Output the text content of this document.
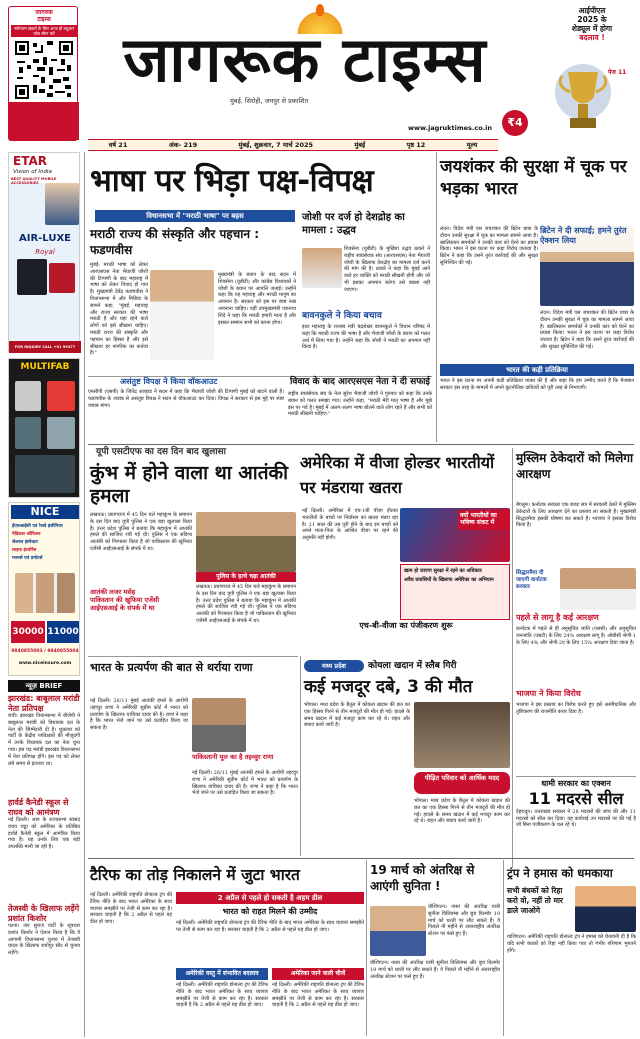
जागरुक
टाइम्स
नवीनतम ख़बरों के लिए आज ही क्यूआर
कोड स्कैन करें	जागरूक टाइम्स
मुंबई, सिरोही, जयपुर से प्रकाशित
www.jagruktimes.co.in	₹4
आईपीएल
2025 के
शेड्यूल में होगा
बदलाव !
पेज 11
वर्ष 21	अंक- 219	मुंबई, शुक्रवार, 7 मार्च 2025	मुंबई	पृष्ठ 12	मूल्य
ETAR
Vision of India
BEST QUALITY MOBILE ACCESSORIES
AIR-LUXE
Royal
FOR INQUIRY CALL +91 99477
MULTIFAB
NICE
ईएसआईसी एवं रेलवे इंजीनियर
मेडिकल ऑफिसर
जेलरल इंस्पेक्टर
लाइफ इंश्योरेंस
गवनर्स एवं प्रमोटर्स
30000 11000
9840855003 / 9840855004
www.niceinsure.com
न्यूज़ BRIEF
झारखंड: बाबूलाल मरांडी नेता प्रतिपक्ष
रांची। झारखंड विधानसभा में बीजेपी ने बाबूलाल मरांडी को विधायक दल के नेता की जिम्मेदारी दी है। शुक्रवार को पार्टी के केंद्रीय पर्यवेक्षकों की मौजूदगी में उनके विधायक दल का नेता चुना गया। इस पद मरांडी झारखंड विधानसभा में नेता प्रतिपक्ष होंगे। इस पद को लेकर लंबे समय से इंतजार था।
हार्वर्ड कैनेडी स्कूल से राघव को आमंत्रण
नई दिल्ली। आप के राज्यसभा सांसद राघव चड्ढा को अमेरिका के प्रतिष्ठित हार्वर्ड कैनेडी स्कूल में आमंत्रित किया गया है। यह उनके लिए एक बड़ी उपलब्धि मानी जा रही है।
तेजस्वी के खिलाफ लड़ेंगे प्रशांत किशोर
पटना। जन सुराज पार्टी के सूत्रधार प्रशांत किशोर ने ऐलान किया है कि वे आगामी विधानसभा चुनाव में तेजस्वी यादव के खिलाफ राघोपुर सीट से चुनाव लड़ेंगे।
भाषा पर भिड़ा पक्ष-विपक्ष
विधानसभा में "मराठी भाषा" पर बहस
मराठी राज्य की संस्कृति और पहचान : फडणवीस
मुंबई: मराठी भाषा को लेकर आरएसएस नेता भैयाजी जोशी की टिप्पणी के बाद महाराष्ट्र में भाषा को लेकर विवाद हो गया है। मुख्यमंत्री देवेंद्र फडणवीस ने विधानसभा में और मिडिया के सामने कहा, "मुंबई, महाराष्ट्र और राज्य सरकार की भाषा मराठी है और यहां रहने वाले लोगों को इसे सीखना चाहिए। मराठी राज्य की संस्कृति और पहचान का हिस्सा है और इसे सीखना हर नागरिक का कर्तव्य है।"
मुख्यमंत्री के बयान के बाद सदन में शिवसेना (यूबीटी) और कांग्रेस विधायकों ने जोशी के बयान पर आपत्ति जताई। उन्होंने कहा कि यह महाराष्ट्र और मराठी मानुष का अपमान है। सरकार को इस पर स्पष्ट रुख अपनाना चाहिए। वहीं उपमुख्यमंत्री एकनाथ शिंदे ने कहा कि मराठी हमारी माता है और इसका सम्मान सभी को करना होगा।
जोशी पर दर्ज हो देशद्रोह का मामला : उद्धव
शिवसेना (यूबीटी) के मुखिया उद्धव ठाकरे ने राष्ट्रीय स्वयंसेवक संघ (आरएसएस) नेता भैयाजी जोशी के खिलाफ देशद्रोह का मामला दर्ज करने की मांग की है। ठाकरे ने कहा कि मुंबई आने वाले हर व्यक्ति को मराठी सीखनी होगी और जो भी इसका अपमान करेगा उसे बख्शा नहीं जाएगा।
बावनकुले ने किया बचाव
इधर महाराष्ट्र के राजस्व मंत्री चंद्रशेखर बावनकुले ने विधान परिषद में कहा कि मराठी राज्य की भाषा है और भैयाजी जोशी के बयान को गलत अर्थ में लिया गया है। उन्होंने कहा कि जोशी ने मराठी का अपमान नहीं किया है।
असंतुष्ट विपक्ष ने किया वॉकआउट
एनसीपी (एसपी) के जितेंद्र आव्हाड ने सदन में कहा कि भैयाजी जोशी की टिप्पणी मुंबई को बांटने वाली है। फडणवीस के जवाब से असंतुष्ट विपक्ष ने सदन से वॉकआउट कर दिया। विपक्ष ने सरकार से इस मुद्दे पर स्पष्ट जवाब मांगा।
विवाद के बाद आरएसएस नेता ने दी सफाई
राष्ट्रीय स्वयंसेवक संघ के नेता सुरेश भैयाजी जोशी ने गुरुवार को कहा कि उनके बयान को गलत समझा गया। उन्होंने कहा, "मराठी मेरी मातृ भाषा है और मुझे इस पर गर्व है। मुंबई में अलग-अलग भाषा बोलने वाले लोग रहते हैं और सभी को मराठी सीखनी चाहिए।"
जयशंकर की सुरक्षा में चूक पर भड़का भारत
ब्रिटेन ने दी सफाई; हमने तुरंत ऐक्शन लिया
लंदन। विदेश मंत्री एस जयशंकर की ब्रिटेन यात्रा के दौरान उनकी सुरक्षा में चूक का मामला सामने आया है। खालिस्तान समर्थकों ने उनकी कार को घेरने का प्रयास किया। भारत ने इस घटना पर कड़ा विरोध जताया है। ब्रिटेन ने कहा कि उसने तुरंत कार्रवाई की और सुरक्षा सुनिश्चित की गई।
लंदन। विदेश मंत्री एस जयशंकर की ब्रिटेन यात्रा के दौरान उनकी सुरक्षा में चूक का मामला सामने आया है। खालिस्तान समर्थकों ने उनकी कार को घेरने का प्रयास किया। भारत ने इस घटना पर कड़ा विरोध जताया है। ब्रिटेन ने कहा कि उसने तुरंत कार्रवाई की और सुरक्षा सुनिश्चित की गई।
भारत की कड़ी प्रतिक्रिया
भारत ने इस घटना पर अपनी कड़ी प्रतिक्रिया व्यक्त की है और कहा कि हम उम्मीद करते हैं कि मेजबान सरकार इस तरह के मामलों में अपने कूटनीतिक दायित्वों को पूरी तरह से निभाएगी।
यूपी एसटीएफ का दस दिन बाद खुलासा
कुंभ में होने वाला था आतंकी हमला
लखनऊ। प्रयागराज में 45 दिन चले महाकुंभ के समापन के दस दिन बाद यूपी पुलिस ने एक बड़ा खुलासा किया है। उत्तर प्रदेश पुलिस ने बताया कि महाकुंभ में आतंकी हमले की साजिश रची गई थी। पुलिस ने एक संदिग्ध आतंकी को गिरफ्तार किया है जो पाकिस्तान की खुफिया एजेंसी आईएसआई के संपर्क में था।
पुलिस के हत्थे चढ़ा आतंकी
आतंकी लजर मसेह पाकिस्तान की खुफिया एजेंसी आईएसआई के संपर्क में था
लखनऊ। प्रयागराज में 45 दिन चले महाकुंभ के समापन के दस दिन बाद यूपी पुलिस ने एक बड़ा खुलासा किया है। उत्तर प्रदेश पुलिस ने बताया कि महाकुंभ में आतंकी हमले की साजिश रची गई थी। पुलिस ने एक संदिग्ध आतंकी को गिरफ्तार किया है जो पाकिस्तान की खुफिया एजेंसी आईएसआई के संपर्क में था।
अमेरिका में वीजा होल्डर भारतीयों पर मंडराया खतरा
नई दिल्ली। अमेरिका में एच-1बी वीजा होल्डर भारतीयों के बच्चों पर निर्वासन का खतरा मंडरा रहा है। 21 साल की उम्र पूरी होने के बाद इन बच्चों को अपने माता-पिता के आश्रित वीजा पर रहने की अनुमति नहीं होगी।
खत्म हो जाएगा सुरक्षा में रहने का अधिकार
अवैध प्रवासियों के खिलाफ अमेरिका का अभियान
एच-बी-वीजा का पंजीकरण शुरू
क्यों भारतीयों का भविष्य संकट में
मुस्लिम ठेकेदारों को मिलेगा आरक्षण
बेंगलुरु। कर्नाटक सरकार एक बजट सत्र में सरकारी ठेकों में मुस्लिम ठेकेदारों के लिए आरक्षण देने का प्रस्ताव ला सकती है। मुख्यमंत्री सिद्धारमैया इसकी घोषणा कर सकते हैं। भाजपा ने इसका विरोध किया है।
सिद्धारमैया दी जाएगी कर्नाटक सरकार
पहले से लागू है कई आरक्षण
कर्नाटक में पहले से ही अनुसूचित जाति (एससी) और अनुसूचित जनजाति (एसटी) के लिए 24% आरक्षण लागू है। ओबीसी श्रेणी-1 के लिए 4% और श्रेणी-2ए के लिए 15% आरक्षण दिया जाता है।
भाजपा ने किया विरोध
भाजपा ने इस प्रस्ताव का विरोध करते हुए इसे असंवैधानिक और तुष्टिकरण की राजनीति करार दिया है।
भारत के प्रत्यर्पण की बात से थर्राया राणा
नई दिल्ली। 26/11 मुंबई आतंकी हमले के आरोपी तहव्वुर राणा ने अमेरिकी सुप्रीम कोर्ट में भारत को प्रत्यर्पण के खिलाफ याचिका दायर की है। राणा ने कहा है कि भारत भेजे जाने पर उसे प्रताड़ित किया जा सकता है।
पाकिस्तानी मूल का है तहव्वुर राणा
नई दिल्ली। 26/11 मुंबई आतंकी हमले के आरोपी तहव्वुर राणा ने अमेरिकी सुप्रीम कोर्ट में भारत को प्रत्यर्पण के खिलाफ याचिका दायर की है। राणा ने कहा है कि भारत भेजे जाने पर उसे प्रताड़ित किया जा सकता है।
मध्य प्रदेश	कोयला खदान में स्लैब गिरी
कई मजदूर दबे, 3 की मौत
भोपाल। मध्य प्रदेश के बैतूल में कोयला खदान की छत का एक हिस्सा गिरने से तीन मजदूरों की मौत हो गई। हादसे के समय खदान में कई मजदूर काम कर रहे थे। राहत और बचाव कार्य जारी है।
पीड़ित परिवार को आर्थिक मदद
भोपाल। मध्य प्रदेश के बैतूल में कोयला खदान की छत का एक हिस्सा गिरने से तीन मजदूरों की मौत हो गई। हादसे के समय खदान में कई मजदूर काम कर रहे थे। राहत और बचाव कार्य जारी है।
धामी सरकार का एक्शन
11 मदरसे सील
देहरादून। उत्तराखंड सरकार ने 28 मदरसों की जांच की और 11 मदरसों को सील कर दिया। यह कार्रवाई उन मदरसों पर की गई है जो बिना पंजीकरण के चल रहे थे।
टैरिफ का तोड़ निकालने में जुटा भारत
2 अप्रैल से पहले हो सकती है अहम डील
नई दिल्ली। अमेरिकी राष्ट्रपति डोनाल्ड ट्रंप की टैरिफ नीति के बाद भारत अमेरिका के साथ व्यापार समझौते पर तेजी से काम कर रहा है। सरकार चाहती है कि 2 अप्रैल से पहले यह डील हो जाए।
भारत को राहत मिलने की उम्मीद
नई दिल्ली। अमेरिकी राष्ट्रपति डोनाल्ड ट्रंप की टैरिफ नीति के बाद भारत अमेरिका के साथ व्यापार समझौते पर तेजी से काम कर रहा है। सरकार चाहती है कि 2 अप्रैल से पहले यह डील हो जाए।
अमेरिकी वस्तु में संभावित बदलाव	अमेरिका जाने वाली चीजें
नई दिल्ली। अमेरिकी राष्ट्रपति डोनाल्ड ट्रंप की टैरिफ नीति के बाद भारत अमेरिका के साथ व्यापार समझौते पर तेजी से काम कर रहा है। सरकार चाहती है कि 2 अप्रैल से पहले यह डील हो जाए।
नई दिल्ली। अमेरिकी राष्ट्रपति डोनाल्ड ट्रंप की टैरिफ नीति के बाद भारत अमेरिका के साथ व्यापार समझौते पर तेजी से काम कर रहा है। सरकार चाहती है कि 2 अप्रैल से पहले यह डील हो जाए।
19 मार्च को अंतरिक्ष से आएंगी सुनिता !
वॉशिंगटन। नासा की अंतरिक्ष यात्री सुनीता विलियम्स और बुच विल्मोर 19 मार्च को धरती पर लौट सकते हैं। वे पिछले नौ महीने से अंतरराष्ट्रीय अंतरिक्ष स्टेशन पर फंसे हुए हैं।
वॉशिंगटन। नासा की अंतरिक्ष यात्री सुनीता विलियम्स और बुच विल्मोर 19 मार्च को धरती पर लौट सकते हैं। वे पिछले नौ महीने से अंतरराष्ट्रीय अंतरिक्ष स्टेशन पर फंसे हुए हैं।
ट्रंप ने हमास को धमकाया
सभी बंधकों को रिहा करो वो, नहीं तो मार डाले जाओगे
वाशिंगटन। अमेरिकी राष्ट्रपति डोनाल्ड ट्रंप ने हमास को चेतावनी दी है कि यदि सभी बंधकों को रिहा नहीं किया गया तो गंभीर परिणाम भुगतने होंगे।
